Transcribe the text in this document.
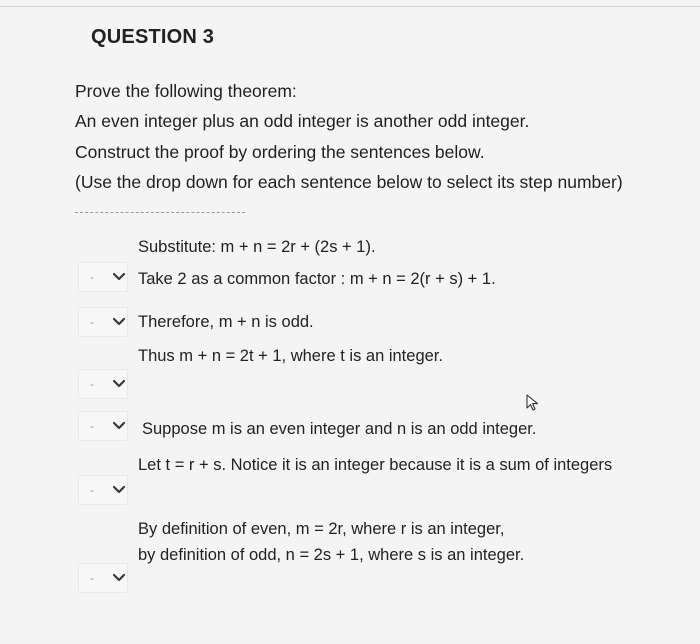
QUESTION 3
Prove the following theorem:
An even integer plus an odd integer is another odd integer.
Construct the proof by ordering the sentences below.
(Use the drop down for each sentence below to select its step number)
Substitute: m + n = 2r + (2s + 1).
-	Take 2 as a common factor : m + n = 2(r + s) + 1.
-	Therefore, m + n is odd.
-
Thus m + n = 2t + 1, where t is an integer.
-	Suppose m is an even integer and n is an odd integer.
-
Let t = r + s. Notice it is an integer because it is a sum of integers
-
By definition of even, m = 2r, where r is an integer,
by definition of odd, n = 2s + 1, where s is an integer.
